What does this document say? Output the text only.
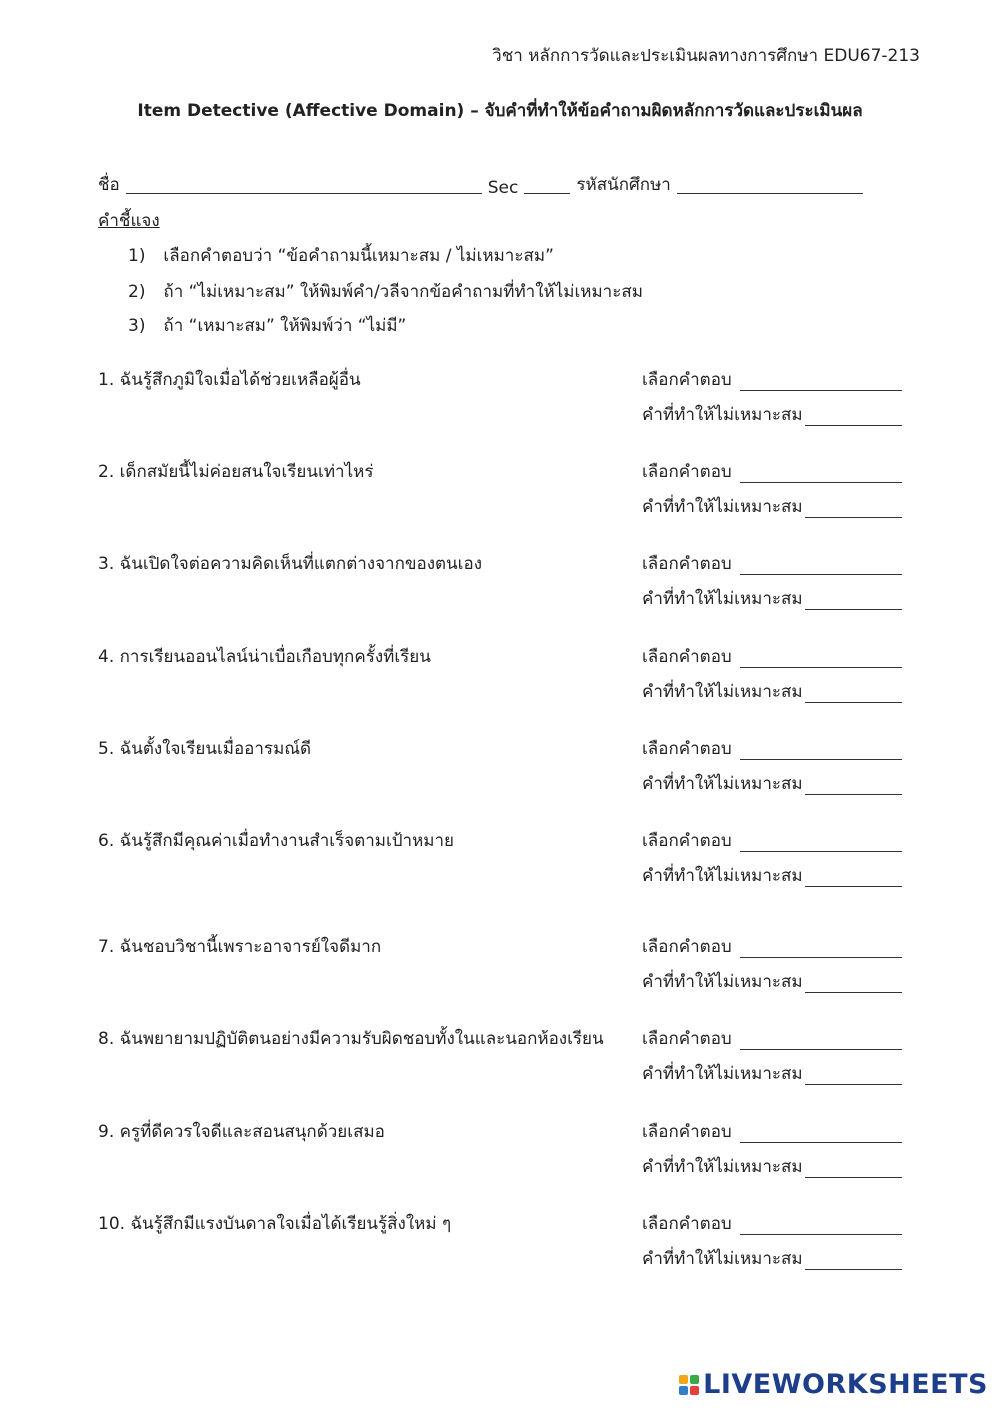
วิชา หลักการวัดและประเมินผลทางการศึกษา EDU67-213
Item Detective (Affective Domain) – จับคำที่ทำให้ข้อคำถามผิดหลักการวัดและประเมินผล
ชื่อ	Sec	รหัสนักศึกษา
คำชี้แจง
1) เลือกคำตอบว่า “ข้อคำถามนี้เหมาะสม / ไม่เหมาะสม”
2) ถ้า “ไม่เหมาะสม” ให้พิมพ์คำ/วลีจากข้อคำถามที่ทำให้ไม่เหมาะสม
3) ถ้า “เหมาะสม” ให้พิมพ์ว่า “ไม่มี”
1. ฉันรู้สึกภูมิใจเมื่อได้ช่วยเหลือผู้อื่น	เลือกคำตอบ
คำที่ทำให้ไม่เหมาะสม
2. เด็กสมัยนี้ไม่ค่อยสนใจเรียนเท่าไหร่	เลือกคำตอบ
คำที่ทำให้ไม่เหมาะสม
3. ฉันเปิดใจต่อความคิดเห็นที่แตกต่างจากของตนเอง	เลือกคำตอบ
คำที่ทำให้ไม่เหมาะสม
4. การเรียนออนไลน์น่าเบื่อเกือบทุกครั้งที่เรียน	เลือกคำตอบ
คำที่ทำให้ไม่เหมาะสม
5. ฉันตั้งใจเรียนเมื่ออารมณ์ดี	เลือกคำตอบ
คำที่ทำให้ไม่เหมาะสม
6. ฉันรู้สึกมีคุณค่าเมื่อทำงานสำเร็จตามเป้าหมาย	เลือกคำตอบ
คำที่ทำให้ไม่เหมาะสม
7. ฉันชอบวิชานี้เพราะอาจารย์ใจดีมาก	เลือกคำตอบ
คำที่ทำให้ไม่เหมาะสม
8. ฉันพยายามปฏิบัติตนอย่างมีความรับผิดชอบทั้งในและนอกห้องเรียน	เลือกคำตอบ
คำที่ทำให้ไม่เหมาะสม
9. ครูที่ดีควรใจดีและสอนสนุกด้วยเสมอ	เลือกคำตอบ
คำที่ทำให้ไม่เหมาะสม
10. ฉันรู้สึกมีแรงบันดาลใจเมื่อได้เรียนรู้สิ่งใหม่ ๆ	เลือกคำตอบ
คำที่ทำให้ไม่เหมาะสม
LIVEWORKSHEETS
